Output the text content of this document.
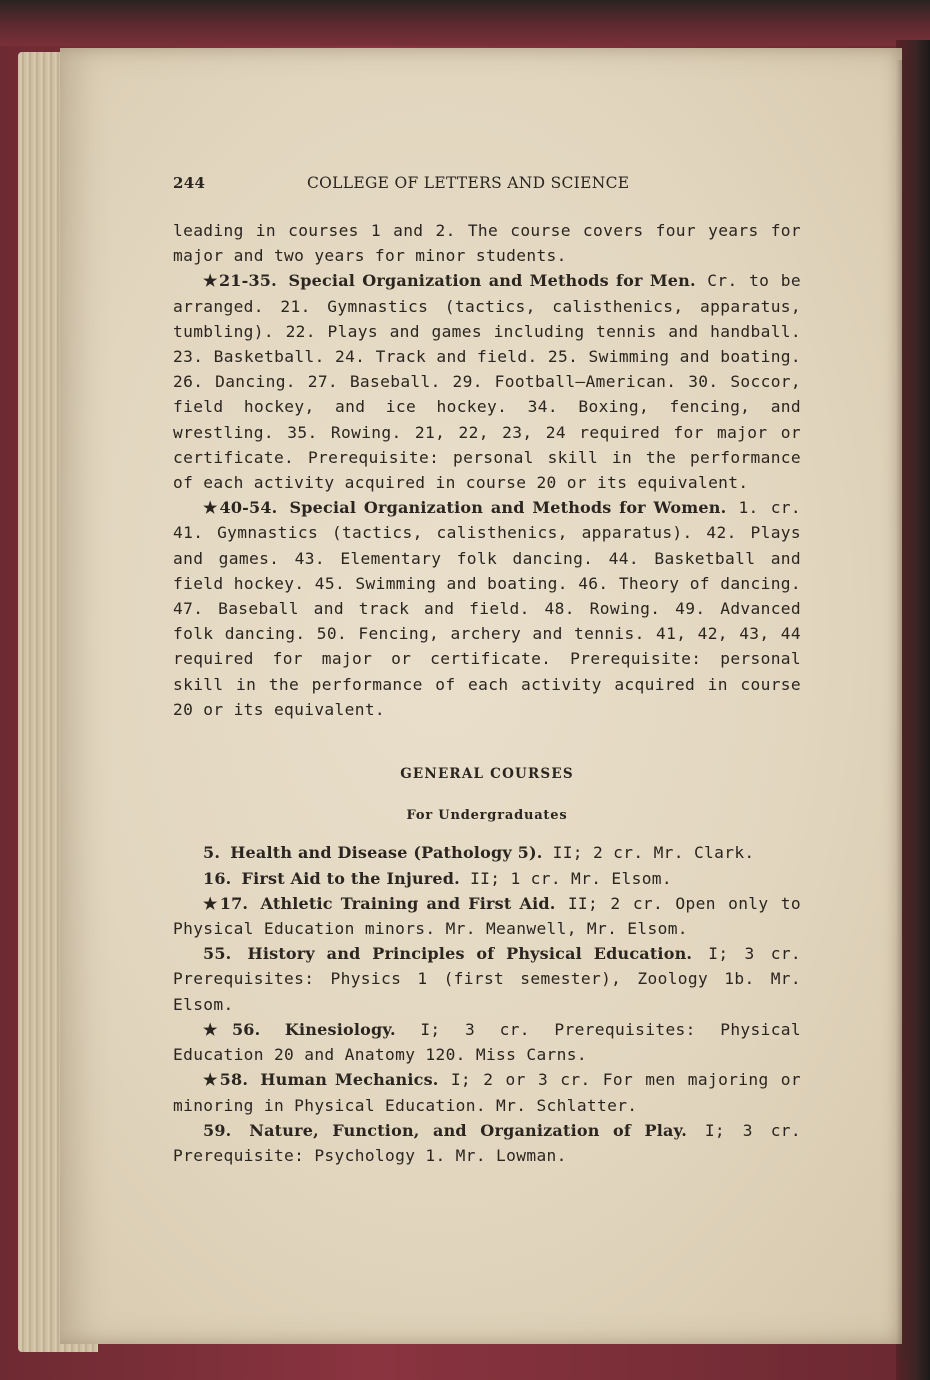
244	COLLEGE OF LETTERS AND SCIENCE

leading in courses 1 and 2. The course covers four years for major and two years for minor students.

★21-35. Special Organization and Methods for Men. Cr. to be arranged. 21. Gymnastics (tactics, calisthenics, apparatus, tumbling). 22. Plays and games including tennis and handball. 23. Basketball. 24. Track and field. 25. Swimming and boating. 26. Dancing. 27. Baseball. 29. Football—American. 30. Soccor, field hockey, and ice hockey. 34. Boxing, fencing, and wrestling. 35. Rowing. 21, 22, 23, 24 required for major or certificate. Prerequisite: personal skill in the performance of each activity acquired in course 20 or its equivalent.

★40-54. Special Organization and Methods for Women. 1. cr. 41. Gymnastics (tactics, calisthenics, apparatus). 42. Plays and games. 43. Elementary folk dancing. 44. Basketball and field hockey. 45. Swimming and boating. 46. Theory of dancing. 47. Baseball and track and field. 48. Rowing. 49. Advanced folk dancing. 50. Fencing, archery and tennis. 41, 42, 43, 44 required for major or certificate. Prerequisite: personal skill in the performance of each activity acquired in course 20 or its equivalent.

GENERAL COURSES
For Undergraduates

5. Health and Disease (Pathology 5). II; 2 cr. Mr. Clark.

16. First Aid to the Injured. II; 1 cr. Mr. Elsom.

★17. Athletic Training and First Aid. II; 2 cr. Open only to Physical Education minors. Mr. Meanwell, Mr. Elsom.

55. History and Principles of Physical Education. I; 3 cr. Prerequisites: Physics 1 (first semester), Zoology 1b. Mr. Elsom.

★56. Kinesiology. I; 3 cr. Prerequisites: Physical Education 20 and Anatomy 120. Miss Carns.

★58. Human Mechanics. I; 2 or 3 cr. For men majoring or minoring in Physical Education. Mr. Schlatter.

59. Nature, Function, and Organization of Play. I; 3 cr. Prerequisite: Psychology 1. Mr. Lowman.
